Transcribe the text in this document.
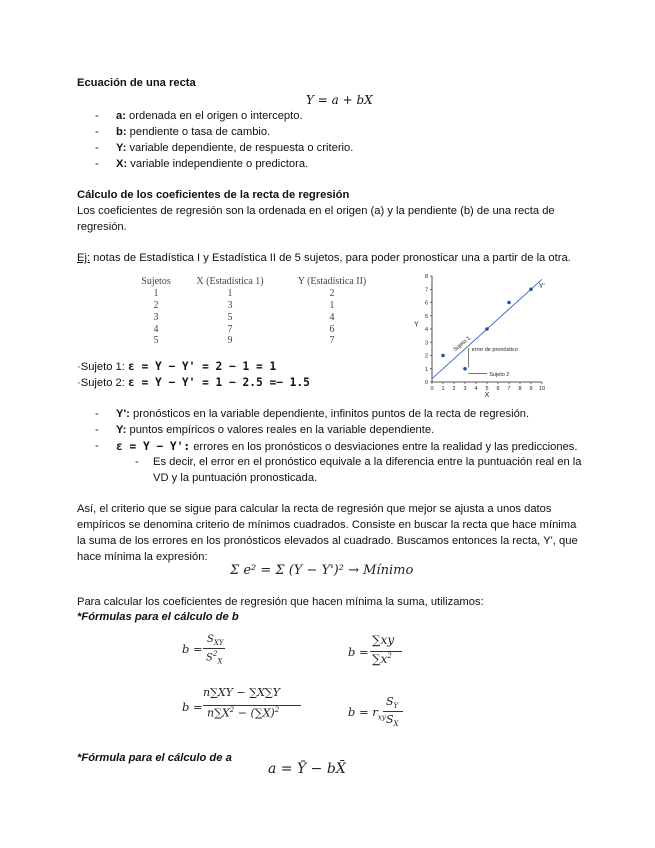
Ecuación de una recta
Y = a + bX
- a: ordenada en el origen o intercepto.
- b: pendiente o tasa de cambio.
- Y: variable dependiente, de respuesta o criterio.
- X: variable independiente o predictora.
Cálculo de los coeficientes de la recta de regresión
Los coeficientes de regresión son la ordenada en el origen (a) y la pendiente (b) de una recta de
regresión.
Ej: notas de Estadística I y Estadística II de 5 sujetos, para poder pronosticar una a partir de la otra.
Sujetos	X (Estadística 1)	Y (Estadística II)
1	1	2
2	3	1
3	5	4
4	7	6
5	9	7
·Sujeto 1: ε = Y − Y' = 2 − 1 = 1
·Sujeto 2: ε = Y − Y' = 1 − 2.5 =− 1.5	0 1 2 3 4 5 6 7 8 9 10
0
1
2
3
4
5
6
7
8
Y'
X
Y
Sujeto 1 error de pronóstico
Sujeto 2
- Y': pronósticos en la variable dependiente, infinitos puntos de la recta de regresión.
- Y: puntos empíricos o valores reales en la variable dependiente.
- ε = Y − Y': errores en los pronósticos o desviaciones entre la realidad y las predicciones.
- Es decir, el error en el pronóstico equivale a la diferencia entre la puntuación real en la
VD y la puntuación pronosticada.
Así, el criterio que se sigue para calcular la recta de regresión que mejor se ajusta a unos datos
empíricos se denomina criterio de mínimos cuadrados. Consiste en buscar la recta que hace mínima
la suma de los errores en los pronósticos elevados al cuadrado. Buscamos entonces la recta, Y', que
hace mínima la expresión:
Σ e² = Σ (Y − Y')² → Mínimo
Para calcular los coeficientes de regresión que hacen mínima la suma, utilizamos:
*Fórmulas para el cálculo de b
b =
$S_{XY}$
$S^2_X$
b =
∑xy
$\sum x^2$
b =
n∑XY − ∑X∑Y
$n\sum X^2 - (\sum X)^2$	$b = r_{xy}$
$S_Y$
$S_X$
*Fórmula para el cálculo de a
a = Ȳ − bX̄
